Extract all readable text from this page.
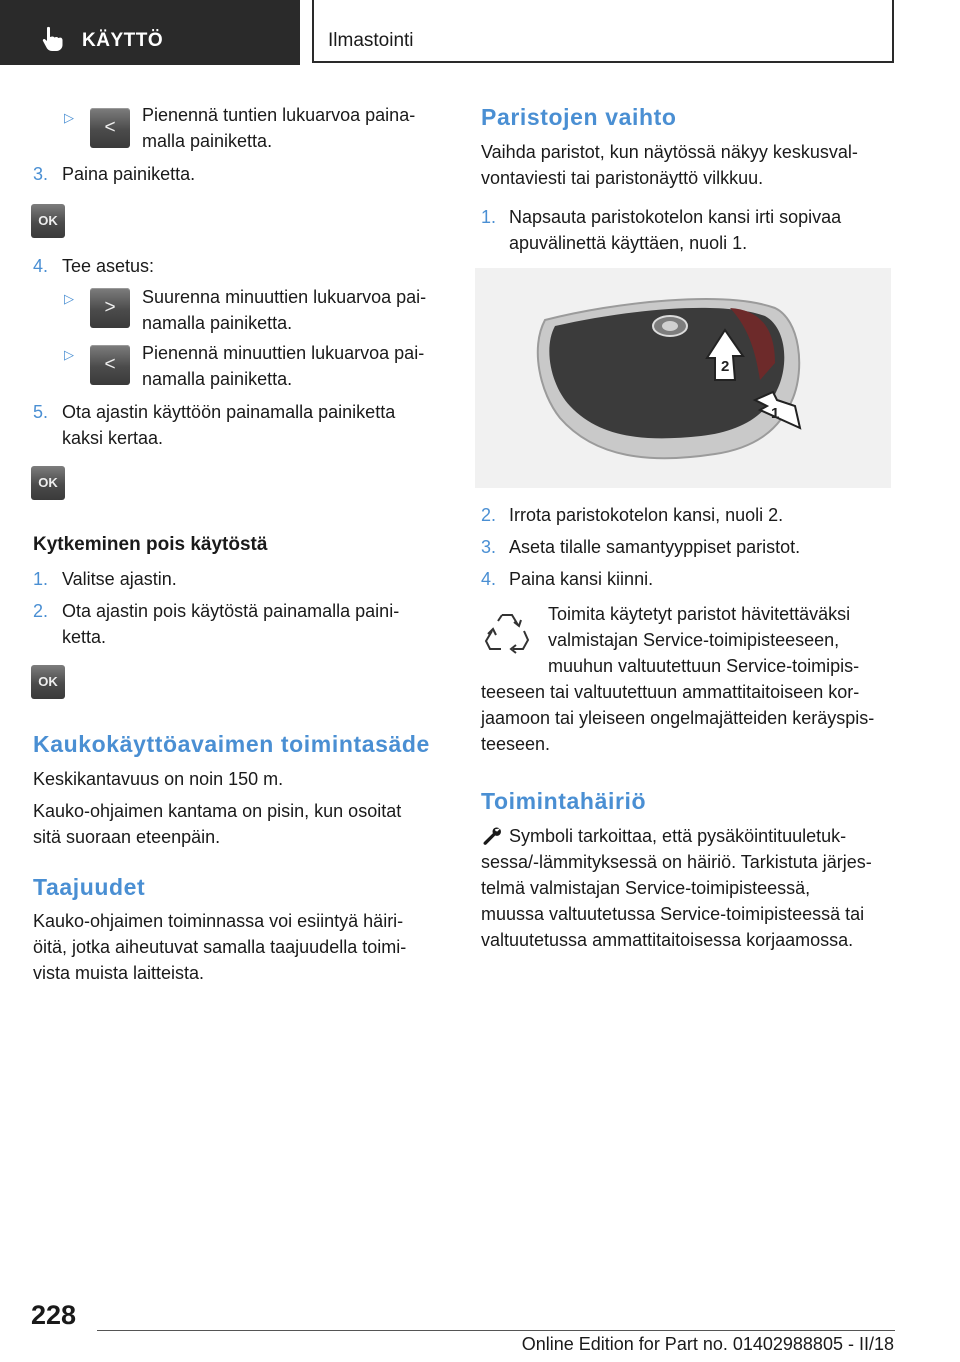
KÄYTTÖ	Ilmastointi
▷	<
Pienennä tuntien lukuarvoa paina-
malla painiketta.
3. Paina painiketta.
OK
4. Tee asetus:
▷	>	Suurenna minuuttien lukuarvoa pai-
namalla painiketta.
▷	<
Pienennä minuuttien lukuarvoa pai-
namalla painiketta.
5. Ota ajastin käyttöön painamalla painiketta
kaksi kertaa.
OK
Kytkeminen pois käytöstä
1. Valitse ajastin.
2. Ota ajastin pois käytöstä painamalla paini-
ketta.
OK
Kaukokäyttöavaimen toimintasäde
Keskikantavuus on noin 150 m.
Kauko-ohjaimen kantama on pisin, kun osoitat
sitä suoraan eteenpäin.
Taajuudet
Kauko-ohjaimen toiminnassa voi esiintyä häiri-
öitä, jotka aiheutuvat samalla taajuudella toimi-
vista muista laitteista.
Paristojen vaihto
Vaihda paristot, kun näytössä näkyy keskusval-
vontaviesti tai paristonäyttö vilkkuu.
1. Napsauta paristokotelon kansi irti sopivaa
apuvälinettä käyttäen, nuoli 1.
2
1
2. Irrota paristokotelon kansi, nuoli 2.
3. Aseta tilalle samantyyppiset paristot.
4. Paina kansi kiinni.
Toimita käytetyt paristot hävitettäväksi
valmistajan Service-toimipisteeseen,
muuhun valtuutettuun Service-toimipis-
teeseen tai valtuutettuun ammattitaitoiseen kor-
jaamoon tai yleiseen ongelmajätteiden keräyspis-
teeseen.
Toimintahäiriö
Symboli tarkoittaa, että pysäköintituuletuk-
sessa/-lämmityksessä on häiriö. Tarkistuta järjes-
telmä valmistajan Service-toimipisteessä,
muussa valtuutetussa Service-toimipisteessä tai
valtuutetussa ammattitaitoisessa korjaamossa.
228
Online Edition for Part no. 01402988805 - II/18
